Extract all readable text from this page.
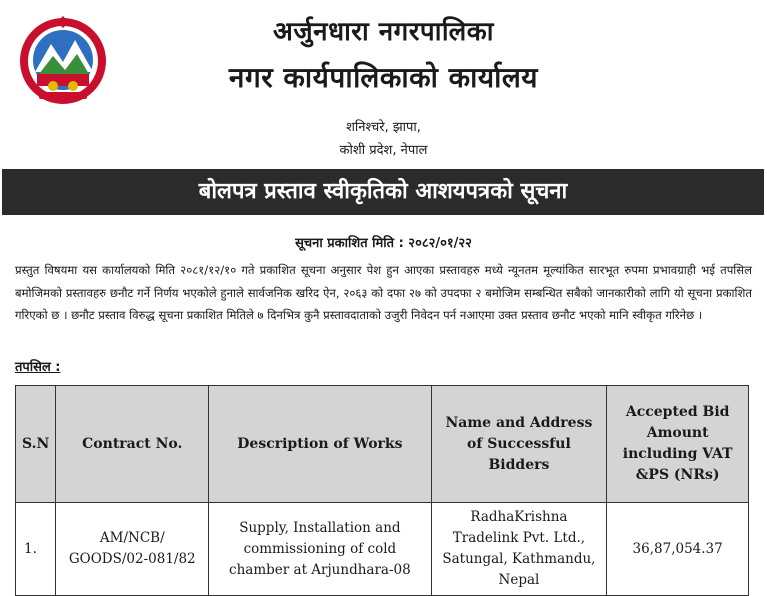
अर्जुनधारा नगरपालिका
नगर कार्यपालिकाको कार्यालय
शनिश्चरे, झापा,
कोशी प्रदेश, नेपाल
बोलपत्र प्रस्ताव स्वीकृतिको आशयपत्रको सूचना
सूचना प्रकाशित मिति : २०८२/०१/२२
प्रस्तुत विषयमा यस कार्यालयको मिति २०८१/१२/१० गते प्रकाशित सूचना अनुसार पेश हुन आएका प्रस्तावहरु मध्ये न्यूनतम मूल्यांकित सारभूत रुपमा प्रभावग्राही भई तपसिल बमोजिमको प्रस्तावहरु छनौट गर्ने निर्णय भएकोले हुनाले सार्वजनिक खरिद ऐन, २०६३ को दफा २७ को उपदफा २ बमोजिम सम्बन्धित सबैको जानकारीको लागि यो सूचना प्रकाशित गरिएको छ । छनौट प्रस्ताव विरुद्ध सूचना प्रकाशित मितिले ७ दिनभित्र कुनै प्रस्तावदाताको उजुरी निवेदन पर्न नआएमा उक्त प्रस्ताव छनौट भएको मानि स्वीकृत गरिनेछ ।
तपसिल :
S.N	Contract No.	Description of Works	Name and Address of Successful Bidders	Accepted Bid Amount including VAT &PS (NRs)
1.	AM/NCB/ GOODS/02-081/82	Supply, Installation and commissioning of cold chamber at Arjundhara-08	RadhaKrishna Tradelink Pvt. Ltd., Satungal, Kathmandu, Nepal	36,87,054.37
